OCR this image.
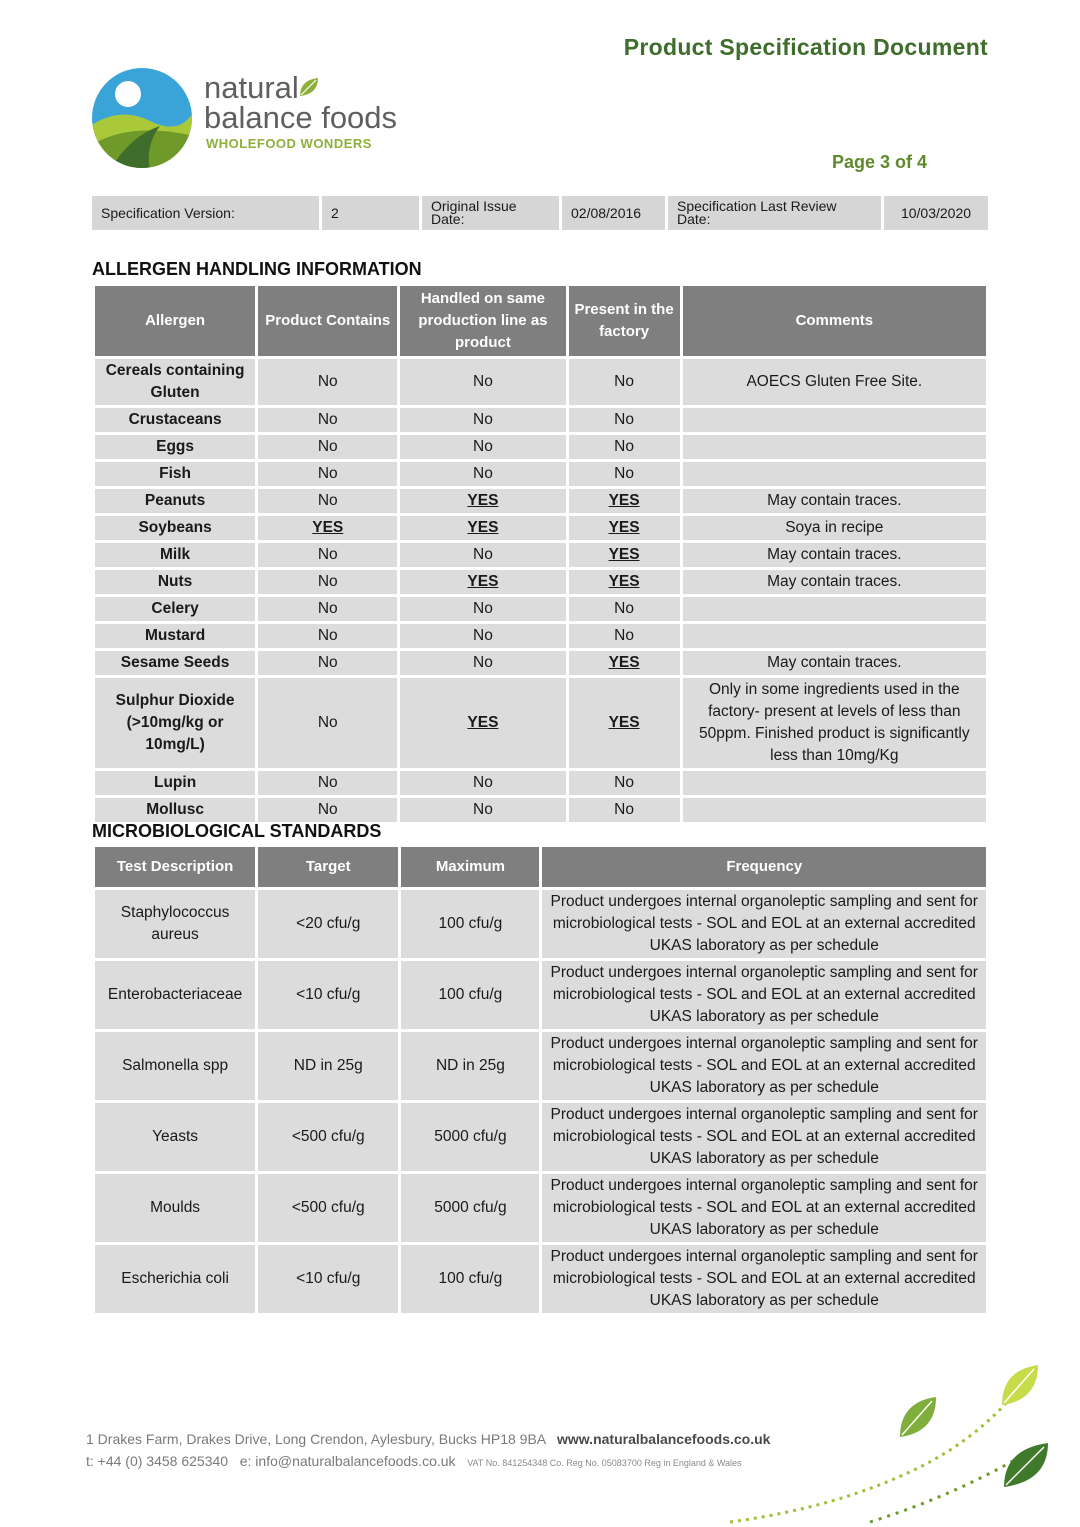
Product Specification Document
natural
balance foods
WHOLEFOOD WONDERS
Page 3 of 4
Specification Version:	2	Original Issue Date:	02/08/2016	Specification Last Review Date:	10/03/2020
ALLERGEN HANDLING INFORMATION
Allergen	Product Contains	Handled on same production line as product	Present in the factory	Comments
Cereals containing Gluten	No	No	No	AOECS Gluten Free Site.
Crustaceans	No	No	No	
Eggs	No	No	No	
Fish	No	No	No	
Peanuts	No	YES	YES	May contain traces.
Soybeans	YES	YES	YES	Soya in recipe
Milk	No	No	YES	May contain traces.
Nuts	No	YES	YES	May contain traces.
Celery	No	No	No	
Mustard	No	No	No	
Sesame Seeds	No	No	YES	May contain traces.
Sulphur Dioxide (>10mg/kg or 10mg/L)	No	YES	YES	Only in some ingredients used in the factory- present at levels of less than 50ppm. Finished product is significantly less than 10mg/Kg
Lupin	No	No	No	
Mollusc	No	No	No	
MICROBIOLOGICAL STANDARDS
Test Description	Target	Maximum	Frequency
Staphylococcus aureus	<20 cfu/g	100 cfu/g	Product undergoes internal organoleptic sampling and sent for microbiological tests - SOL and EOL at an external accredited UKAS laboratory as per schedule
Enterobacteriaceae	<10 cfu/g	100 cfu/g	Product undergoes internal organoleptic sampling and sent for microbiological tests - SOL and EOL at an external accredited UKAS laboratory as per schedule
Salmonella spp	ND in 25g	ND in 25g	Product undergoes internal organoleptic sampling and sent for microbiological tests - SOL and EOL at an external accredited UKAS laboratory as per schedule
Yeasts	<500 cfu/g	5000 cfu/g	Product undergoes internal organoleptic sampling and sent for microbiological tests - SOL and EOL at an external accredited UKAS laboratory as per schedule
Moulds	<500 cfu/g	5000 cfu/g	Product undergoes internal organoleptic sampling and sent for microbiological tests - SOL and EOL at an external accredited UKAS laboratory as per schedule
Escherichia coli	<10 cfu/g	100 cfu/g	Product undergoes internal organoleptic sampling and sent for microbiological tests - SOL and EOL at an external accredited UKAS laboratory as per schedule
1 Drakes Farm, Drakes Drive, Long Crendon, Aylesbury, Bucks HP18 9BA www.naturalbalancefoods.co.uk
t: +44 (0) 3458 625340 e: info@naturalbalancefoods.co.uk VAT No. 841254348 Co. Reg No. 05083700 Reg in England & Wales
